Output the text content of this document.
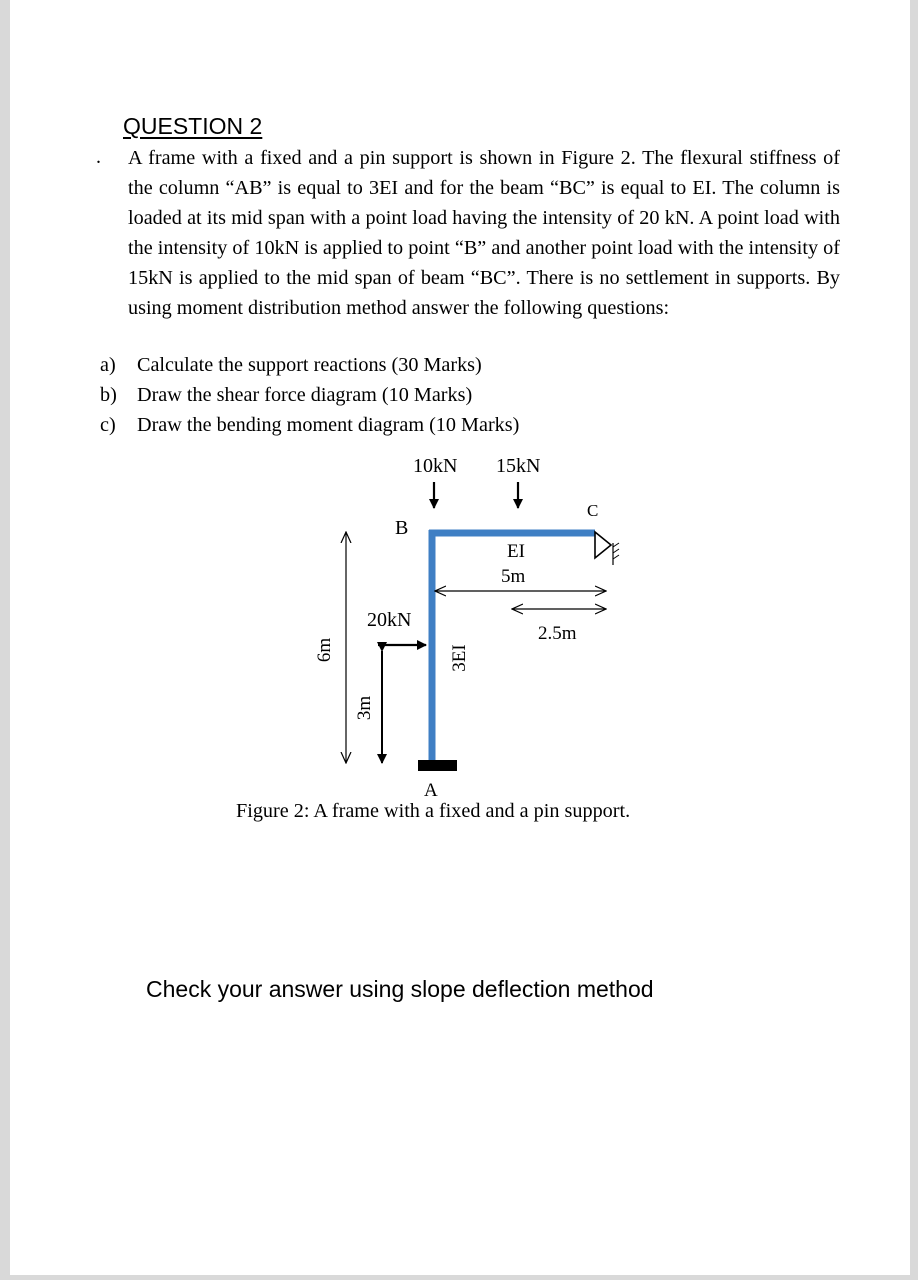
QUESTION 2
. A frame with a fixed and a pin support is shown in Figure 2. The flexural stiffness of the column “AB” is equal to 3EI and for the beam “BC” is equal to EI. The column is loaded at its mid span with a point load having the intensity of 20 kN. A point load with the intensity of 10kN is applied to point “B” and another point load with the intensity of 15kN is applied to the mid span of beam “BC”. There is no settlement in supports. By using moment distribution method answer the following questions:

a) Calculate the support reactions (30 Marks)
b) Draw the shear force diagram (10 Marks)
c) Draw the bending moment diagram (10 Marks)
10kN 15kN
B
C
A
EI
5m
2.5m
20kN
3EI
6m
3m
Figure 2: A frame with a fixed and a pin support.
Check your answer using slope deflection method
